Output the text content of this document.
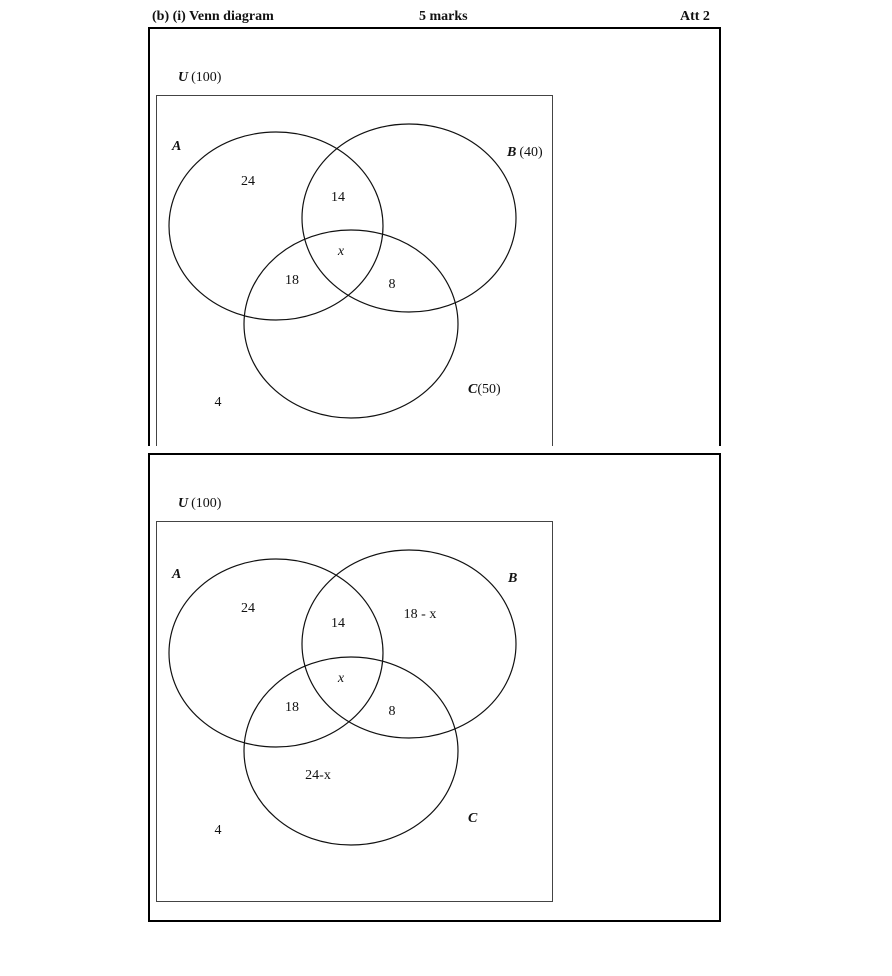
(b) (i) Venn diagram	5 marks	Att 2
U (100)
A	B (40)
C(50)
24
14
x
18	8
4
U (100)
A	B
C
24
14
18 - x
x
18	8
24-x
4
